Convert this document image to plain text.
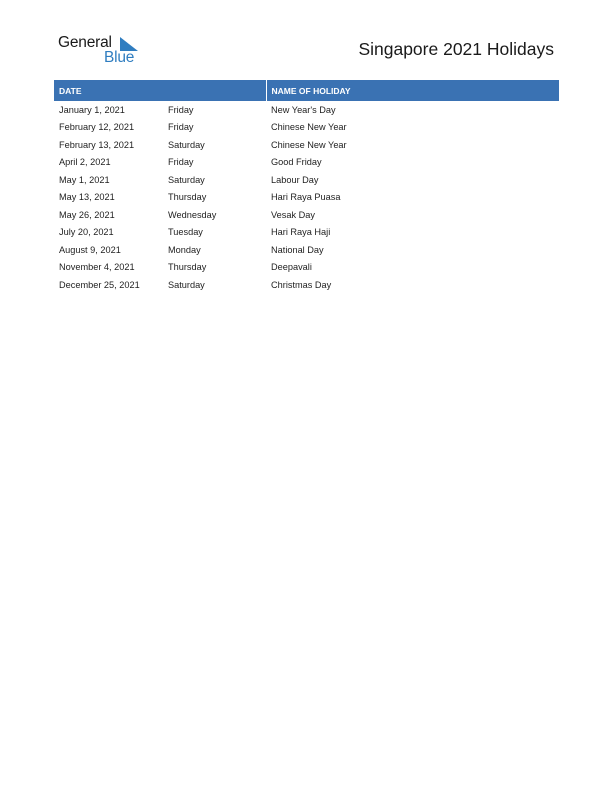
General
Blue	Singapore 2021 Holidays
DATE		NAME OF HOLIDAY
January 1, 2021	Friday	New Year's Day
February 12, 2021	Friday	Chinese New Year
February 13, 2021	Saturday	Chinese New Year
April 2, 2021	Friday	Good Friday
May 1, 2021	Saturday	Labour Day
May 13, 2021	Thursday	Hari Raya Puasa
May 26, 2021	Wednesday	Vesak Day
July 20, 2021	Tuesday	Hari Raya Haji
August 9, 2021	Monday	National Day
November 4, 2021	Thursday	Deepavali
December 25, 2021	Saturday	Christmas Day
